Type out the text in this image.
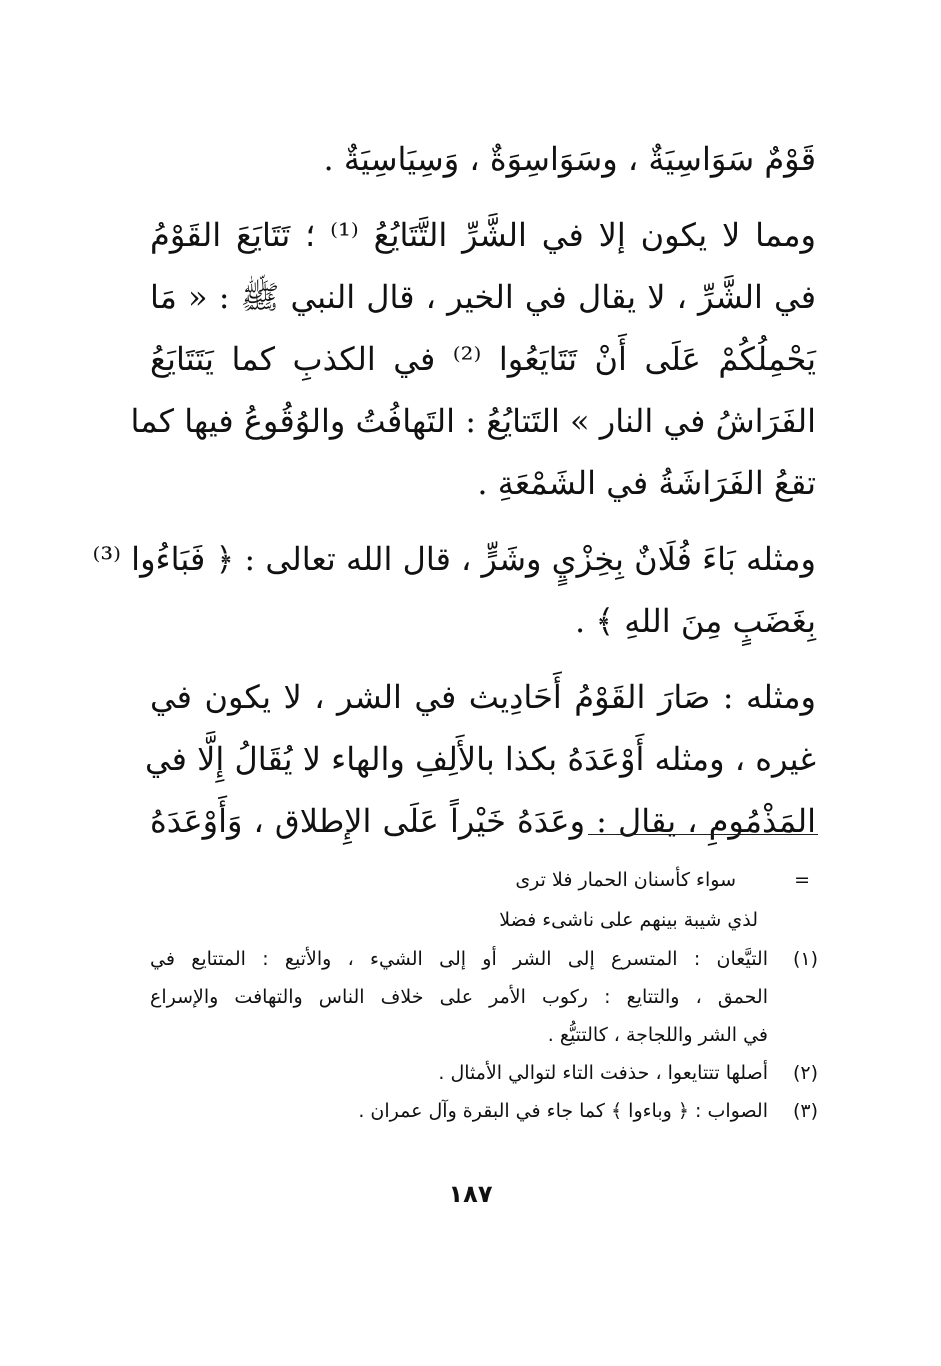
قَوْمٌ سَوَاسِيَةٌ ، وسَوَاسِوَةٌ ، وَسِيَاسِيَةٌ .
ومما لا يكون إلا في الشَّرِّ التَّتَايُعُ ⁽¹⁾ ؛ تَتَايَعَ القَوْمُ
في الشَّرِّ ، لا يقال في الخير ، قال النبي ﷺ : « مَا
يَحْمِلُكُمْ عَلَى أَنْ تَتَايَعُوا ⁽²⁾ في الكذبِ كما يَتَتَايَعُ
الفَرَاشُ في النار » التَتايُعُ : التَهافُتُ والوُقُوعُ فيها كما
تقعُ الفَرَاشَةُ في الشَمْعَةِ .
ومثله بَاءَ فُلَانٌ بِخِزْيٍ وشَرٍّ ، قال الله تعالى : ﴿ فَبَاءُوا ⁽³⁾
بِغَضَبٍ مِنَ اللهِ ﴾ .
ومثله : صَارَ القَوْمُ أَحَادِيث في الشر ، لا يكون في
غيره ، ومثله أَوْعَدَهُ بكذا بالأَلِفِ والهاء لا يُقَالُ إِلَّا في
المَذْمُومِ ، يقال : وعَدَهُ خَيْراً عَلَى الإِطلاق ، وَأَوْعَدَهُ
=
سواء كأسنان الحمار فلا ترى
لذي شيبة بينهم على ناشىء فضلا
(١)
التيَّعان : المتسرع إلى الشر أو إلى الشيء ، والأتيع : المتتايع في
الحمق ، والتتايع : ركوب الأمر على خلاف الناس والتهافت والإسراع
في الشر واللجاجة ، كالتتيُّع .
(٢)
أصلها تتتايعوا ، حذفت التاء لتوالي الأمثال .
(٣)
الصواب : ﴿ وباءوا ﴾ كما جاء في البقرة وآل عمران .
١٨٧
